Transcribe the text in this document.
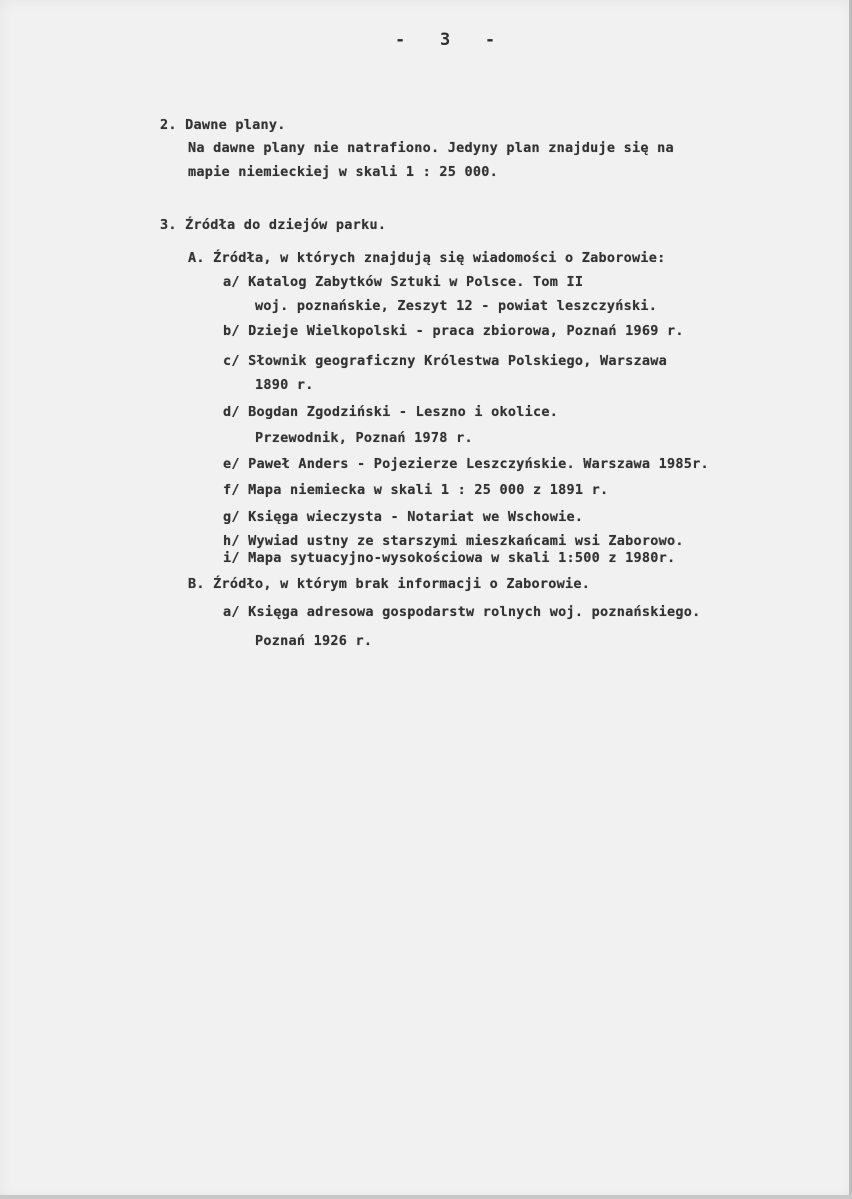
-   3   -
2. Dawne plany.
Na dawne plany nie natrafiono. Jedyny plan znajduje się na
mapie niemieckiej w skali 1 : 25 000.
3. Źródła do dziejów parku.
A. Źródła, w których znajdują się wiadomości o Zaborowie:
a/ Katalog Zabytków Sztuki w Polsce. Tom II
woj. poznańskie, Zeszyt 12 - powiat leszczyński.
b/ Dzieje Wielkopolski - praca zbiorowa, Poznań 1969 r.
c/ Słownik geograficzny Królestwa Polskiego, Warszawa
1890 r.
d/ Bogdan Zgodziński - Leszno i okolice.
Przewodnik, Poznań 1978 r.
e/ Paweł Anders - Pojezierze Leszczyńskie. Warszawa 1985r.
f/ Mapa niemiecka w skali 1 : 25 000 z 1891 r.
g/ Księga wieczysta - Notariat we Wschowie.
h/ Wywiad ustny ze starszymi mieszkańcami wsi Zaborowo.
i/ Mapa sytuacyjno-wysokościowa w skali 1:500 z 1980r.
B. Źródło, w którym brak informacji o Zaborowie.
a/ Księga adresowa gospodarstw rolnych woj. poznańskiego.
Poznań 1926 r.
